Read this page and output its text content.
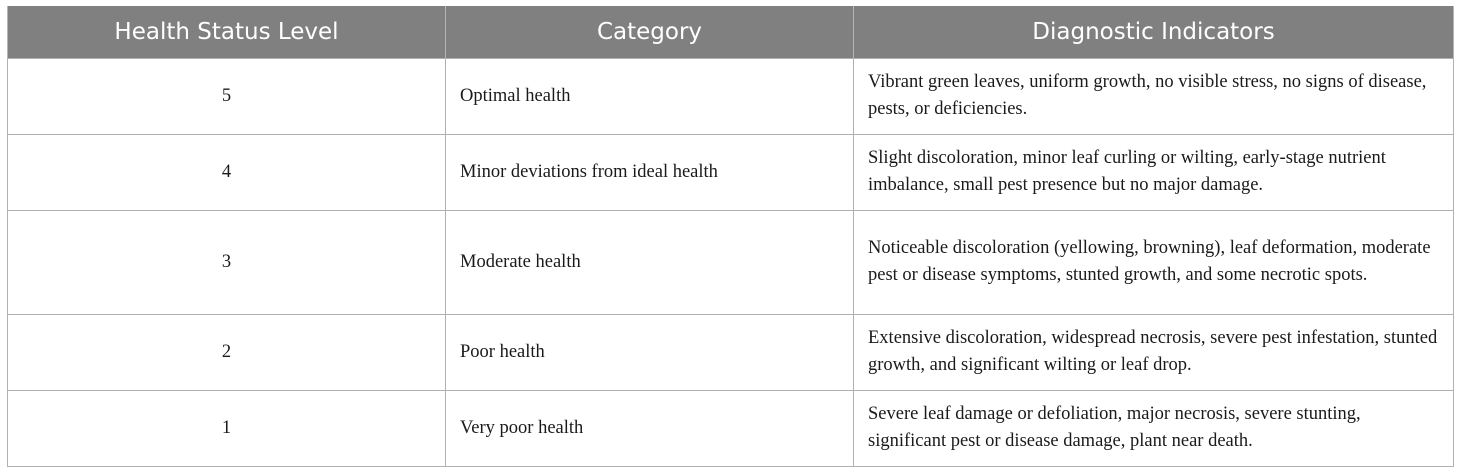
Health Status Level	Category	Diagnostic Indicators
5	Optimal health	Vibrant green leaves, uniform growth, no visible stress, no signs of disease, pests, or deficiencies.
4	Minor deviations from ideal health	Slight discoloration, minor leaf curling or wilting, early-stage nutrient imbalance, small pest presence but no major damage.
3	Moderate health	Noticeable discoloration (yellowing, browning), leaf deformation, moderate pest or disease symptoms, stunted growth, and some necrotic spots.
2	Poor health	Extensive discoloration, widespread necrosis, severe pest infestation, stunted growth, and significant wilting or leaf drop.
1	Very poor health	Severe leaf damage or defoliation, major necrosis, severe stunting, significant pest or disease damage, plant near death.
